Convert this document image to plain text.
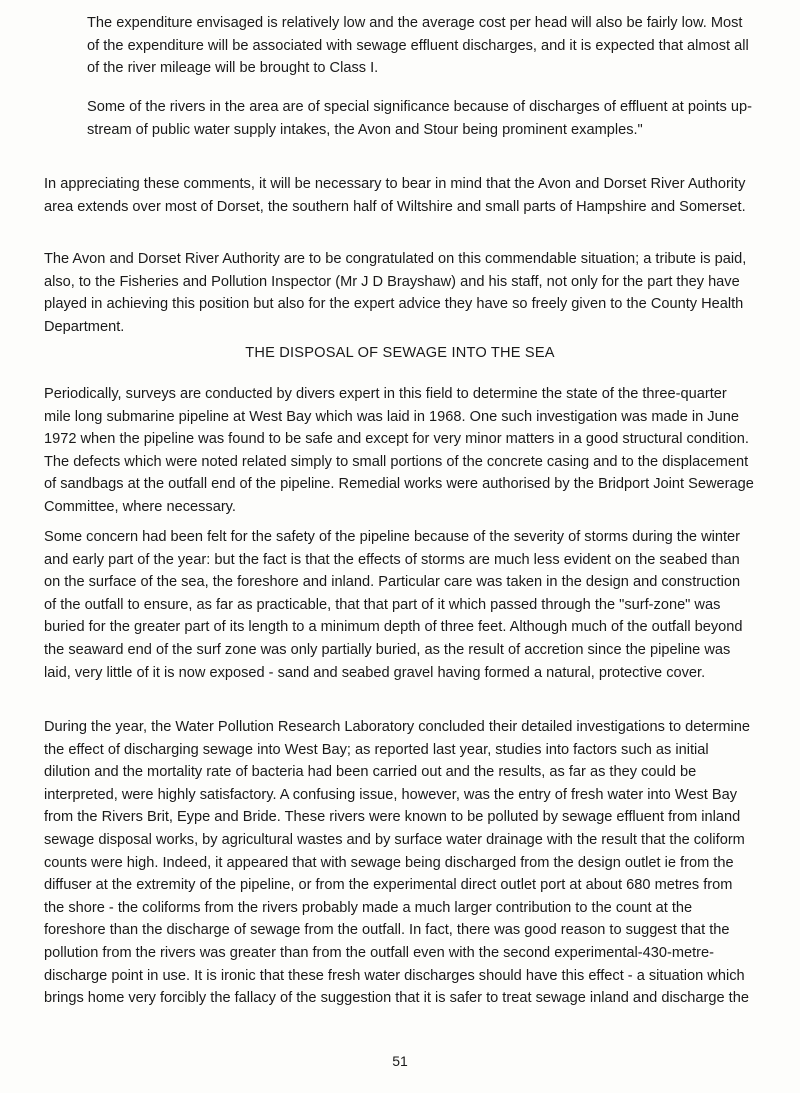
The expenditure envisaged is relatively low and the average cost per head will also be fairly low. Most of the expenditure will be associated with sewage effluent discharges, and it is expected that almost all of the river mileage will be brought to Class I.

Some of the rivers in the area are of special significance because of discharges of effluent at points up-stream of public water supply intakes, the Avon and Stour being prominent examples."

In appreciating these comments, it will be necessary to bear in mind that the Avon and Dorset River Authority area extends over most of Dorset, the southern half of Wiltshire and small parts of Hampshire and Somerset.

The Avon and Dorset River Authority are to be congratulated on this commendable situation; a tribute is paid, also, to the Fisheries and Pollution Inspector (Mr J D Brayshaw) and his staff, not only for the part they have played in achieving this position but also for the expert advice they have so freely given to the County Health Department.

THE DISPOSAL OF SEWAGE INTO THE SEA

Periodically, surveys are conducted by divers expert in this field to determine the state of the three-quarter mile long submarine pipeline at West Bay which was laid in 1968. One such investigation was made in June 1972 when the pipeline was found to be safe and except for very minor matters in a good structural condition. The defects which were noted related simply to small portions of the concrete casing and to the displacement of sandbags at the outfall end of the pipeline. Remedial works were authorised by the Bridport Joint Sewerage Committee, where necessary.

Some concern had been felt for the safety of the pipeline because of the severity of storms during the winter and early part of the year: but the fact is that the effects of storms are much less evident on the seabed than on the surface of the sea, the foreshore and inland. Particular care was taken in the design and construction of the outfall to ensure, as far as practicable, that that part of it which passed through the "surf-zone" was buried for the greater part of its length to a minimum depth of three feet. Although much of the outfall beyond the seaward end of the surf zone was only partially buried, as the result of accretion since the pipeline was laid, very little of it is now exposed - sand and seabed gravel having formed a natural, protective cover.

During the year, the Water Pollution Research Laboratory concluded their detailed investigations to determine the effect of discharging sewage into West Bay; as reported last year, studies into factors such as initial dilution and the mortality rate of bacteria had been carried out and the results, as far as they could be interpreted, were highly satisfactory. A confusing issue, however, was the entry of fresh water into West Bay from the Rivers Brit, Eype and Bride. These rivers were known to be polluted by sewage effluent from inland sewage disposal works, by agricultural wastes and by surface water drainage with the result that the coliform counts were high. Indeed, it appeared that with sewage being discharged from the design outlet ie from the diffuser at the extremity of the pipeline, or from the experimental direct outlet port at about 680 metres from the shore - the coliforms from the rivers probably made a much larger contribution to the count at the foreshore than the discharge of sewage from the outfall. In fact, there was good reason to suggest that the pollution from the rivers was greater than from the outfall even with the second experimental-430-metre-discharge point in use. It is ironic that these fresh water discharges should have this effect - a situation which brings home very forcibly the fallacy of the suggestion that it is safer to treat sewage inland and discharge the

51
